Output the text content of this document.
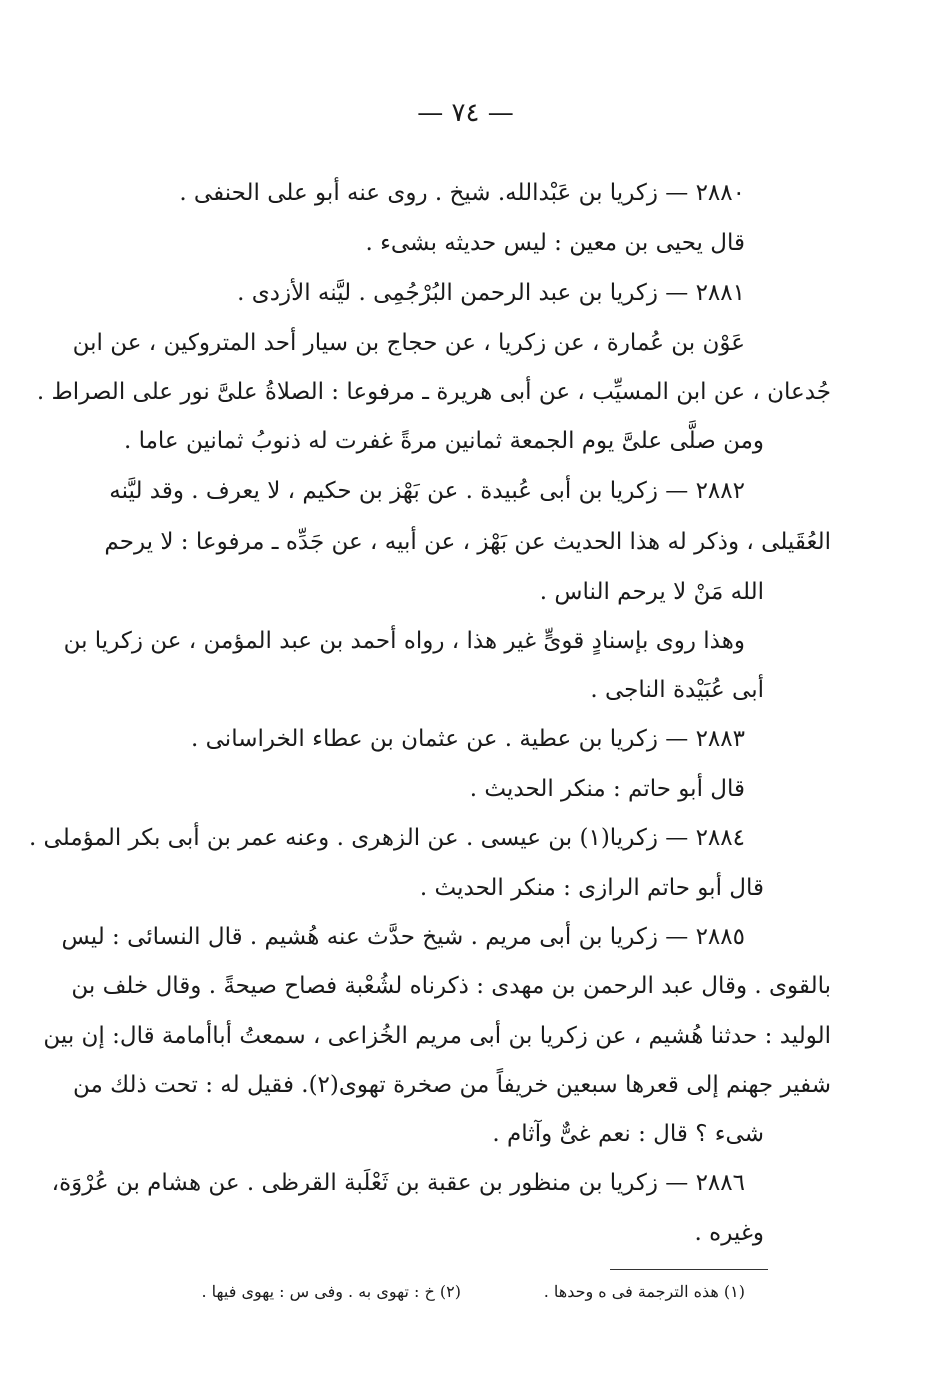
— ٧٤ —
٢٨٨٠ — زكريا بن عَبْدالله. شيخ . روى عنه أبو على الحنفى .
قال يحيى بن معين : ليس حديثه بشىء .
٢٨٨١ — زكريا بن عبد الرحمن البُرْجُمِى . ليَّنه الأزدى .
عَوْن بن عُمارة ، عن زكريا ، عن حجاج بن سيار أحد المتروكين ، عن ابن
جُدعان ، عن ابن المسيِّب ، عن أبى هريرة ـ مرفوعا : الصلاةُ علىَّ نور على الصراط .
ومن صلَّى علىَّ يوم الجمعة ثمانين مرةً غفرت له ذنوبُ ثمانين عاما .
٢٨٨٢ — زكريا بن أبى عُبيدة . عن بَهْز بن حكيم ، لا يعرف . وقد ليَّنه
العُقَيلى ، وذكر له هذا الحديث عن بَهْز ، عن أبيه ، عن جَدِّه ـ مرفوعا : لا يرحم
الله مَنْ لا يرحم الناس .
وهذا روى بإسنادٍ قوىٍّ غير هذا ، رواه أحمد بن عبد المؤمن ، عن زكريا بن
أبى عُبَيْدة الناجى .
٢٨٨٣ — زكريا بن عطية . عن عثمان بن عطاء الخراسانى .
قال أبو حاتم : منكر الحديث .
٢٨٨٤ — زكريا(١) بن عيسى . عن الزهرى . وعنه عمر بن أبى بكر المؤملى .
قال أبو حاتم الرازى : منكر الحديث .
٢٨٨٥ — زكريا بن أبى مريم . شيخ حدَّث عنه هُشيم . قال النسائى : ليس
بالقوى . وقال عبد الرحمن بن مهدى : ذكرناه لشُعْبة فصاح صيحةً . وقال خلف بن
الوليد : حدثنا هُشيم ، عن زكريا بن أبى مريم الخُزاعى ، سمعتُ أباأمامة قال: إن بين
شفير جهنم إلى قعرها سبعين خريفاً من صخرة تهوى(٢). فقيل له : تحت ذلك من
شىء ؟ قال : نعم غىٌّ وآثام .
٢٨٨٦ — زكريا بن منظور بن عقبة بن ثَعْلَبة القرظى . عن هشام بن عُرْوَة،
وغيره .
(١) هذه الترجمة فى ه وحدها .
(٢) خ : تهوى به . وفى س : يهوى فيها .
